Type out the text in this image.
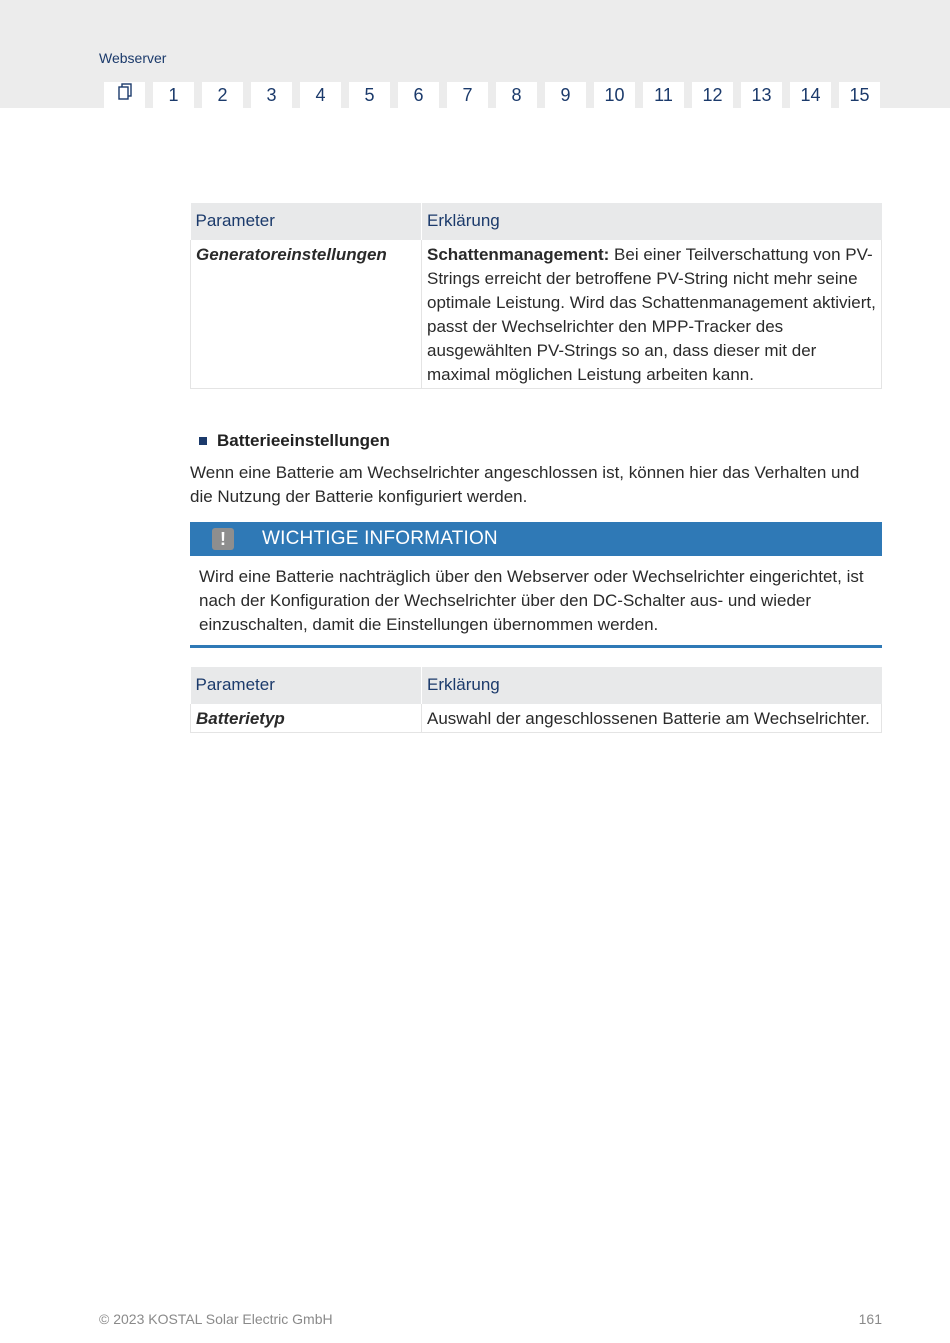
Webserver
1	2	3	4	5	6	7	8	9	10	11	12	13	14	15
Parameter	Erklärung
Generatoreinstellungen	Schattenmanagement: Bei einer Teilverschattung von PV-Strings erreicht der betroffene PV-String nicht mehr seine optimale Leistung. Wird das Schattenmanagement aktiviert, passt der Wechselrichter den MPP-Tracker des ausgewählten PV-Strings so an, dass dieser mit der maximal möglichen Leistung arbeiten kann.
Batterieeinstellungen
Wenn eine Batterie am Wechselrichter angeschlossen ist, können hier das Verhalten und die Nutzung der Batterie konfiguriert werden.
!	WICHTIGE INFORMATION
Wird eine Batterie nachträglich über den Webserver oder Wechselrichter eingerichtet, ist nach der Konfiguration der Wechselrichter über den DC-Schalter aus- und wieder einzuschalten, damit die Einstellungen übernommen werden.
Parameter	Erklärung
Batterietyp	Auswahl der angeschlossenen Batterie am Wechselrichter.
© 2023 KOSTAL Solar Electric GmbH	161
